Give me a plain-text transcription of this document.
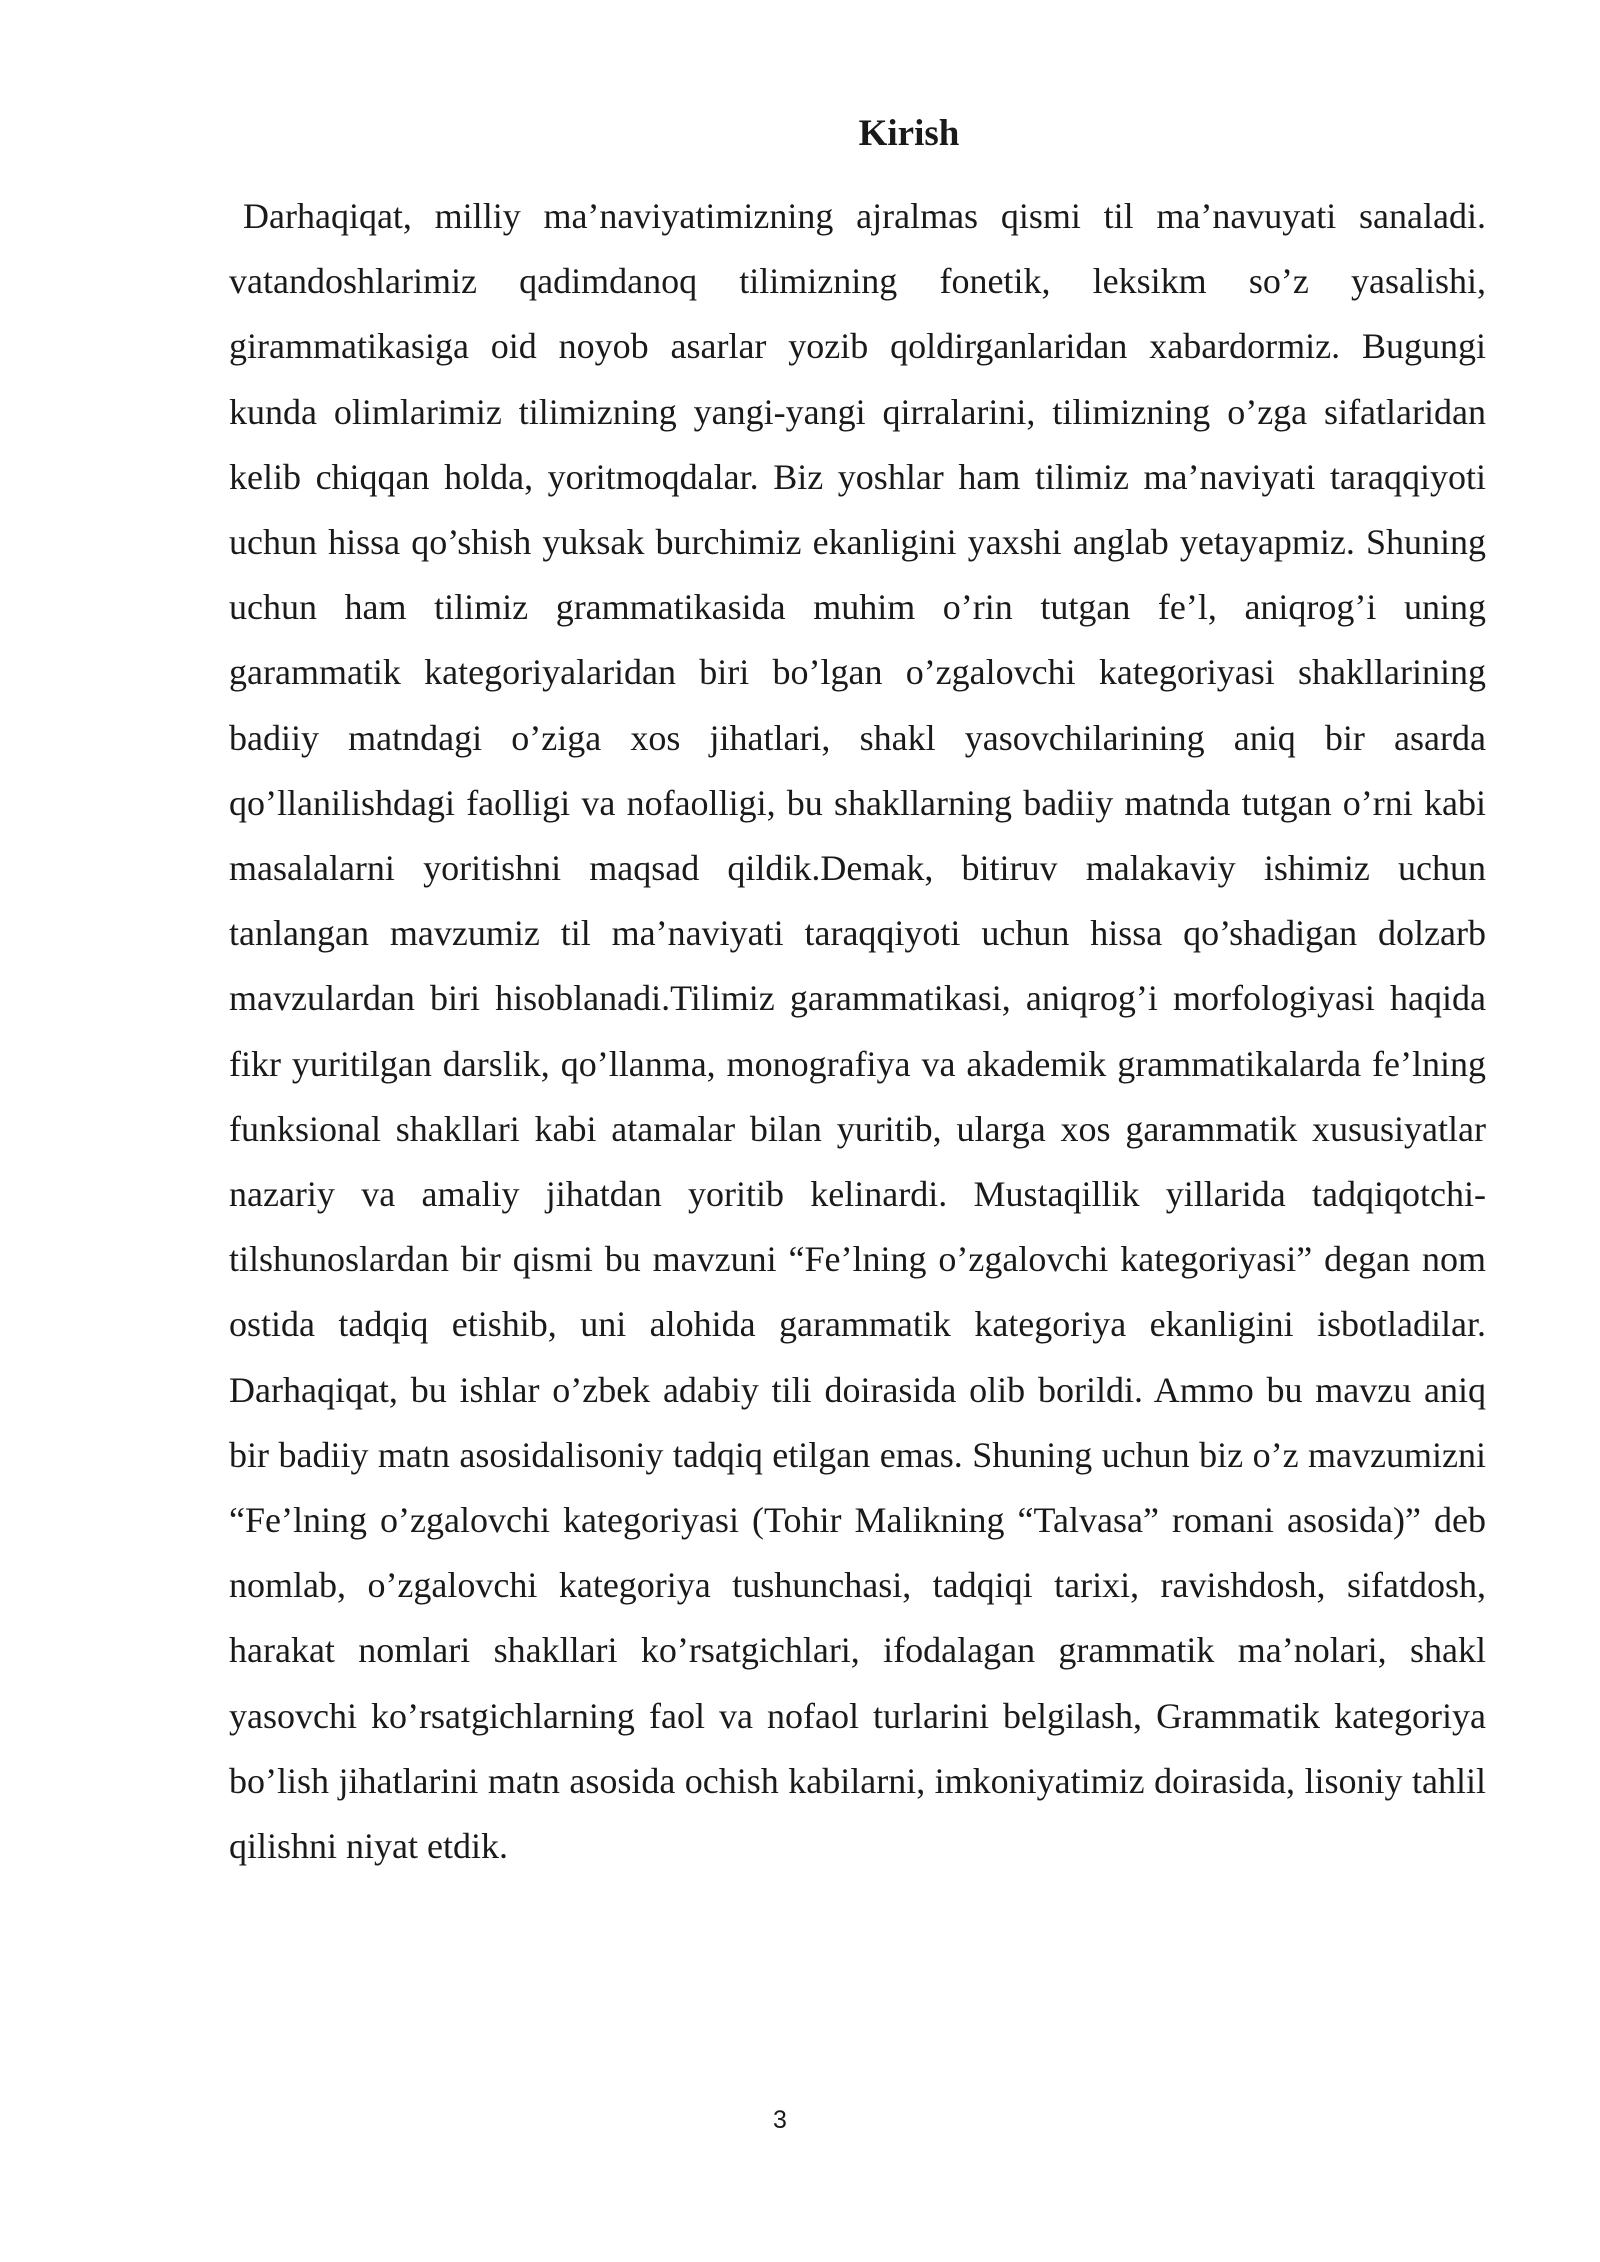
Kirish

Darhaqiqat, milliy ma’naviyatimizning ajralmas qismi til ma’navuyati sanaladi. vatandoshlarimiz qadimdanoq tilimizning fonetik, leksikm so’z yasalishi, girammatikasiga oid noyob asarlar yozib qoldirganlaridan xabardormiz. Bugungi kunda olimlarimiz tilimizning yangi-yangi qirralarini, tilimizning o’zga sifatlaridan kelib chiqqan holda, yoritmoqdalar. Biz yoshlar ham tilimiz ma’naviyati taraqqiyoti uchun hissa qo’shish yuksak burchimiz ekanligini yaxshi anglab yetayapmiz. Shuning uchun ham tilimiz grammatikasida muhim o’rin tutgan fe’l, aniqrog’i uning garammatik kategoriyalaridan biri bo’lgan o’zgalovchi kategoriyasi shakllarining badiiy matndagi o’ziga xos jihatlari, shakl yasovchilarining aniq bir asarda qo’llanilishdagi faolligi va nofaolligi, bu shakllarning badiiy matnda tutgan o’rni kabi masalalarni yoritishni maqsad qildik.Demak, bitiruv malakaviy ishimiz uchun tanlangan mavzumiz til ma’naviyati taraqqiyoti uchun hissa qo’shadigan dolzarb mavzulardan biri hisoblanadi.Tilimiz garammatikasi, aniqrog’i morfologiyasi haqida fikr yuritilgan darslik, qo’llanma, monografiya va akademik grammatikalarda fe’lning funksional shakllari kabi atamalar bilan yuritib, ularga xos garammatik xususiyatlar nazariy va amaliy jihatdan yoritib kelinardi. Mustaqillik yillarida tadqiqotchi-tilshunoslardan bir qismi bu mavzuni “Fe’lning o’zgalovchi kategoriyasi” degan nom ostida tadqiq etishib, uni alohida garammatik kategoriya ekanligini isbotladilar. Darhaqiqat, bu ishlar o’zbek adabiy tili doirasida olib borildi. Ammo bu mavzu aniq bir badiiy matn asosidalisoniy tadqiq etilgan emas. Shuning uchun biz o’z mavzumizni “Fe’lning o’zgalovchi kategoriyasi (Tohir Malikning “Talvasa” romani asosida)” deb nomlab, o’zgalovchi kategoriya tushunchasi, tadqiqi tarixi, ravishdosh, sifatdosh, harakat nomlari shakllari ko’rsatgichlari, ifodalagan grammatik ma’nolari, shakl yasovchi ko’rsatgichlarning faol va nofaol turlarini belgilash, Grammatik kategoriya bo’lish jihatlarini matn asosida ochish kabilarni, imkoniyatimiz doirasida, lisoniy tahlil qilishni niyat etdik.

3
